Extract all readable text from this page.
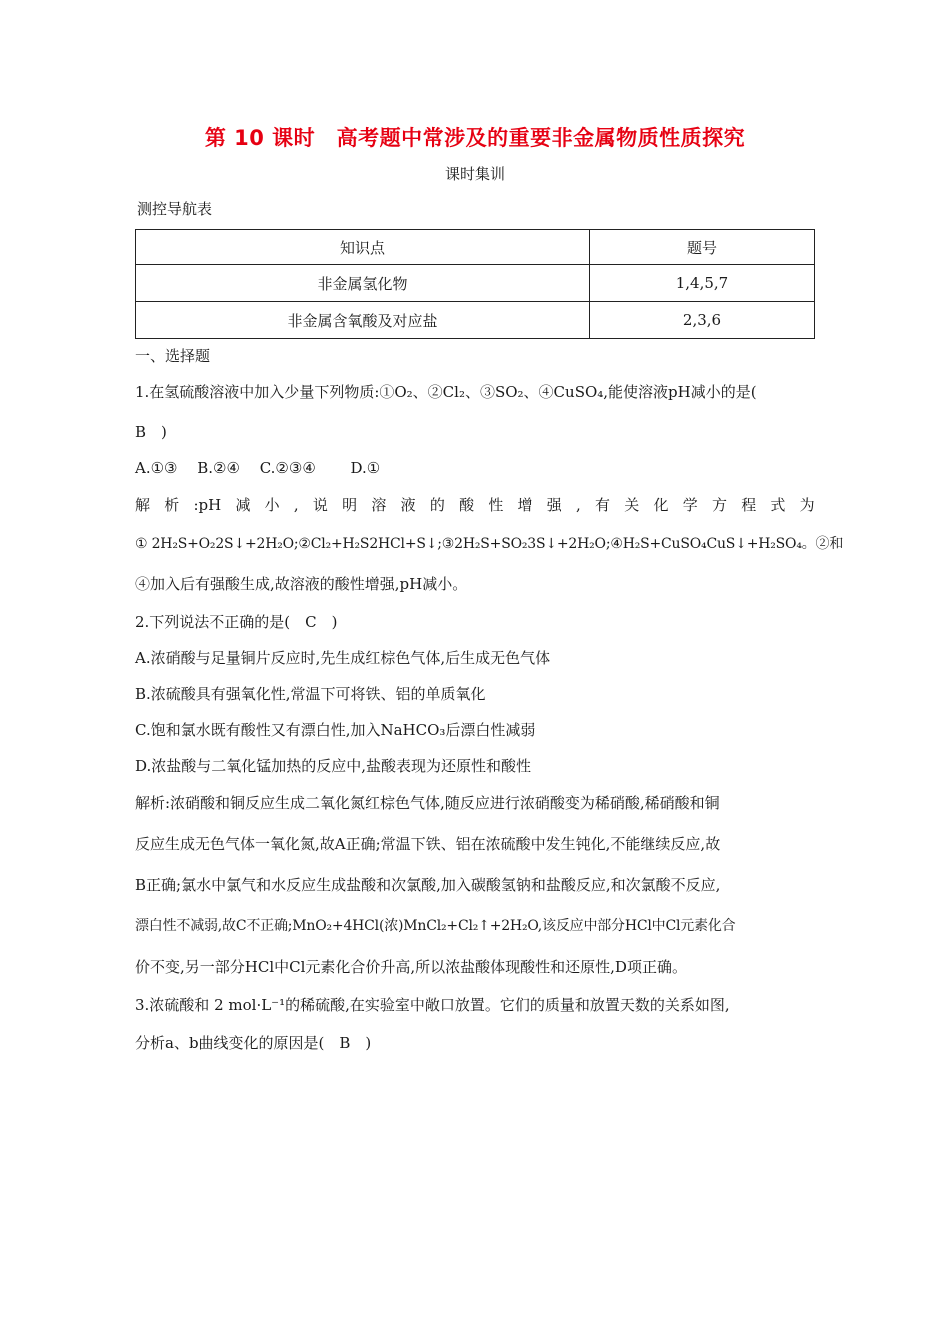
第 10 课时　高考题中常涉及的重要非金属物质性质探究
课时集训
测控导航表
知识点	题号
非金属氢化物	1,4,5,7
非金属含氧酸及对应盐	2,3,6
一、选择题
1.在氢硫酸溶液中加入少量下列物质:①O₂、②Cl₂、③SO₂、④CuSO₄,能使溶液pH减小的是(
B　)
A.①③　 B.②④　 C.②③④　　 D.①
解 析 :pH 减 小 , 说 明 溶 液 的 酸 性 增 强 , 有 关 化 学 方 程 式 为
① 2H₂S+O₂2S↓+2H₂O;②Cl₂+H₂S2HCl+S↓;③2H₂S+SO₂3S↓+2H₂O;④H₂S+CuSO₄CuS↓+H₂SO₄。②和
④加入后有强酸生成,故溶液的酸性增强,pH减小。
2.下列说法不正确的是(　C　)
A.浓硝酸与足量铜片反应时,先生成红棕色气体,后生成无色气体
B.浓硫酸具有强氧化性,常温下可将铁、铝的单质氧化
C.饱和氯水既有酸性又有漂白性,加入NaHCO₃后漂白性减弱
D.浓盐酸与二氧化锰加热的反应中,盐酸表现为还原性和酸性
解析:浓硝酸和铜反应生成二氧化氮红棕色气体,随反应进行浓硝酸变为稀硝酸,稀硝酸和铜
反应生成无色气体一氧化氮,故A正确;常温下铁、铝在浓硫酸中发生钝化,不能继续反应,故
B正确;氯水中氯气和水反应生成盐酸和次氯酸,加入碳酸氢钠和盐酸反应,和次氯酸不反应,
漂白性不减弱,故C不正确;MnO₂+4HCl(浓)MnCl₂+Cl₂↑+2H₂O,该反应中部分HCl中Cl元素化合
价不变,另一部分HCl中Cl元素化合价升高,所以浓盐酸体现酸性和还原性,D项正确。
3.浓硫酸和 2 mol·L⁻¹的稀硫酸,在实验室中敞口放置。它们的质量和放置天数的关系如图,
分析a、b曲线变化的原因是(　B　)
